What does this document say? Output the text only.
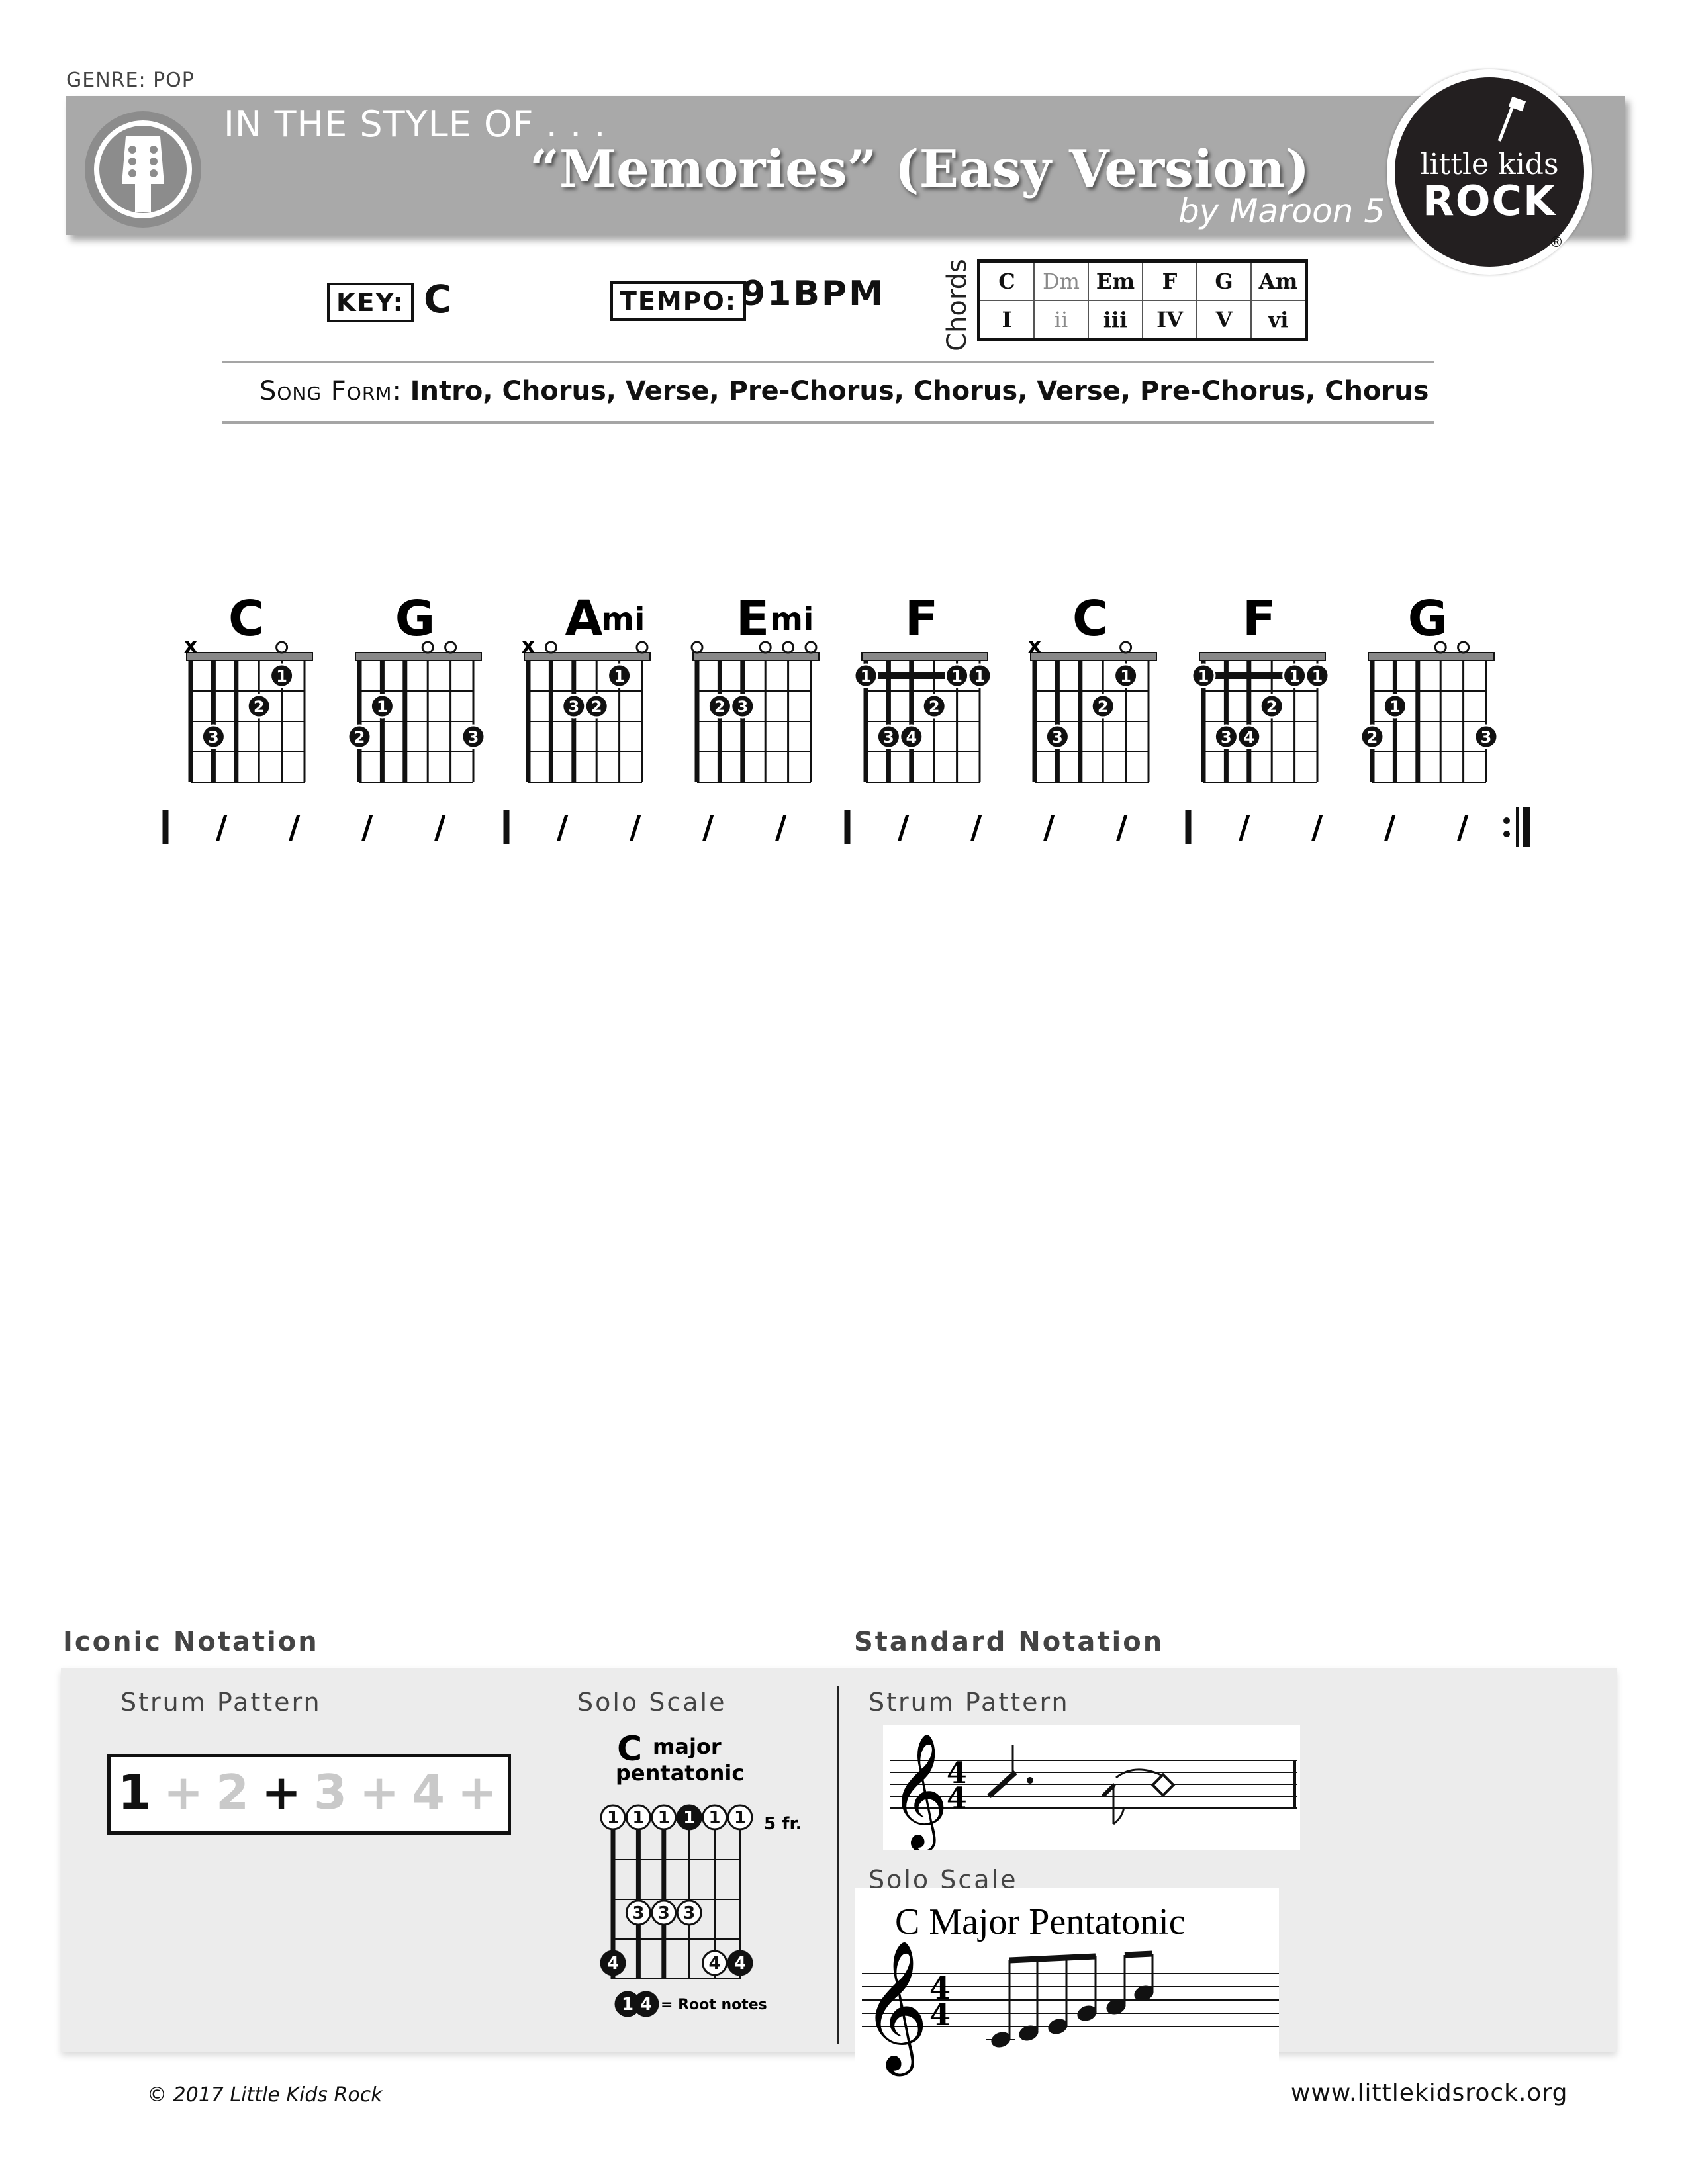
GENRE: POP
IN THE STYLE OF . . .
“Memories” (Easy Version)
by Maroon 5
little kids
ROCK
®
KEY: C	TEMPO: 91BPM Chords C	Dm	Em	F	G	Am
I	ii	iii	IV	V	vi
Song Form: Intro, Chorus, Verse, Pre-Chorus, Chorus, Verse, Pre-Chorus, Chorus
C
x
1
2
3
G
1
2	3
A
mi
x
1
3 2
E mi
2 3
F
1	1 1
2
3 4
C
x
1
2
3
F
1	1 1
2
3 4
G
1
2	3
/ / / /	/ / / /	/ / / /	/ / / /
Iconic Notation	Standard Notation
Strum Pattern	Solo Scale	Strum Pattern
Solo Scale
1 + 2 + 3 + 4 +
C major
pentatonic
1 1 1 1 1 1
3 3 3
4	4 4
1 4
5 fr.
= Root notes
𝄞
4
4
C Major Pentatonic
𝄞 4
4
© 2017 Little Kids Rock	www.littlekidsrock.org
